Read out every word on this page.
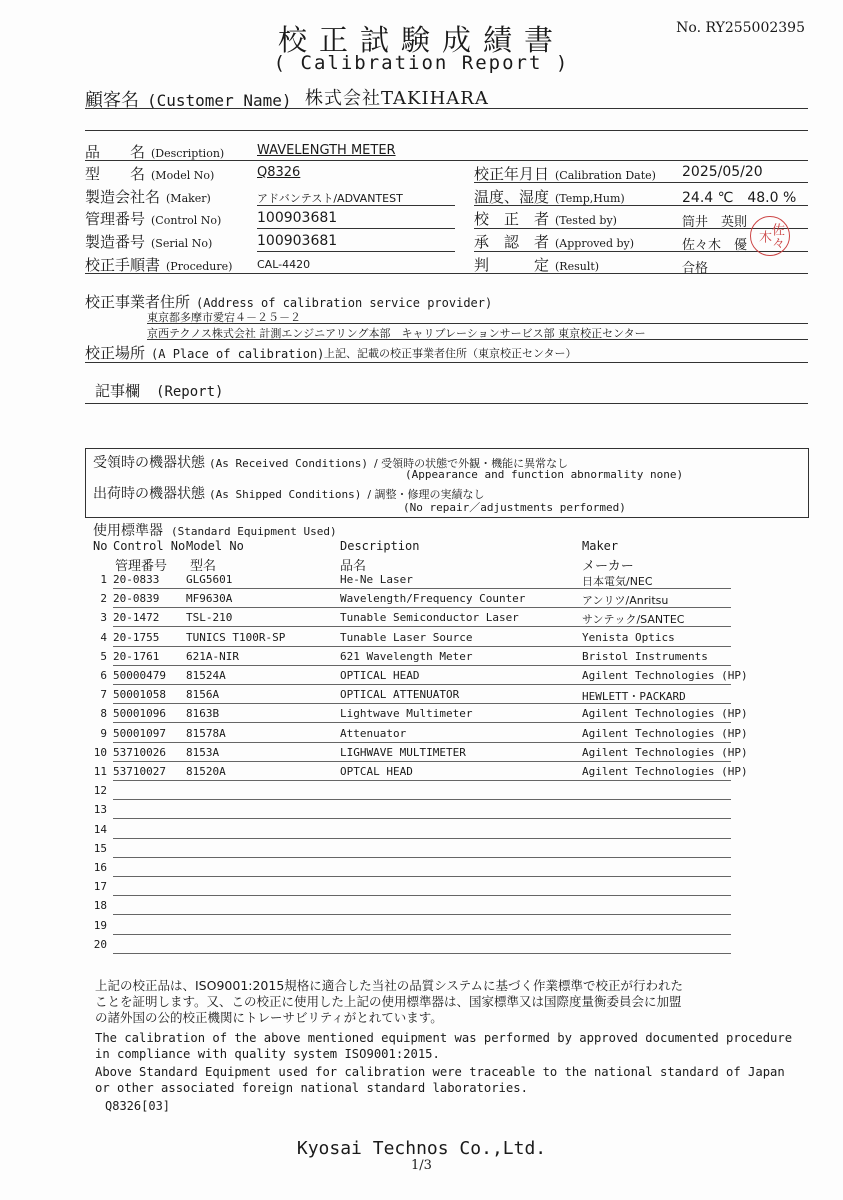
校正試験成績書
( Calibration Report )
No. RY255002395
顧客名 (Customer Name) 株式会社TAKIHARA
品　　名 (Description)	WAVELENGTH METER
型　　名 (Model No)	Q8326
製造会社名 (Maker)	アドバンテスト/ADVANTEST
管理番号 (Control No)	100903681
製造番号 (Serial No)	100903681
校正手順書 (Procedure) CAL-4420
校正年月日 (Calibration Date) 2025/05/20
温度、湿度 (Temp,Hum)	24.4 ℃　48.0 %
校　正　者 (Tested by)	筒井　英則
承　認　者 (Approved by)	佐々木　優
判　　　定 (Result)	合格
佐々木
校正事業者住所 (Address of calibration service provider)
東京都多摩市愛宕４－２５－２
京西テクノス株式会社 計測エンジニアリング本部　キャリブレーションサービス部 東京校正センター
校正場所 (A Place of calibration) 上記、記載の校正事業者住所（東京校正センター）
記事欄 (Report)
受領時の機器状態 (As Received Conditions) / 受領時の状態で外観・機能に異常なし
(Appearance and function abnormality none)
出荷時の機器状態 (As Shipped Conditions) / 調整・修理の実績なし
(No repair／adjustments performed)
使用標準器 (Standard Equipment Used)
No Control No Model No	Description	Maker
管理番号 型名	品名	メーカー
1 20-0833 GLG5601	He-Ne Laser	日本電気/NEC
2 20-0839 MF9630A	Wavelength/Frequency Counter	アンリツ/Anritsu
3 20-1472 TSL-210	Tunable Semiconductor Laser	サンテック/SANTEC
4 20-1755 TUNICS T100R-SP	Tunable Laser Source	Yenista Optics
5 20-1761 621A-NIR	621 Wavelength Meter	Bristol Instruments
6 50000479 81524A	OPTICAL HEAD	Agilent Technologies (HP)
7 50001058 8156A	OPTICAL ATTENUATOR	HEWLETT・PACKARD
8 50001096 8163B	Lightwave Multimeter	Agilent Technologies (HP)
9 50001097 81578A	Attenuator	Agilent Technologies (HP)
10 53710026 8153A	LIGHWAVE MULTIMETER	Agilent Technologies (HP)
11 53710027 81520A	OPTCAL HEAD	Agilent Technologies (HP)
12
13
14
15
16
17
18
19
20
上記の校正品は、ISO9001:2015規格に適合した当社の品質システムに基づく作業標準で校正が行われた
ことを証明します。又、この校正に使用した上記の使用標準器は、国家標準又は国際度量衡委員会に加盟
の諸外国の公的校正機関にトレーサビリティがとれています。
The calibration of the above mentioned equipment was performed by approved documented procedure
in compliance with quality system ISO9001:2015.
Above Standard Equipment used for calibration were traceable to the national standard of Japan
or other associated foreign national standard laboratories.
Q8326[03]
Kyosai Technos Co.,Ltd.
1/3
